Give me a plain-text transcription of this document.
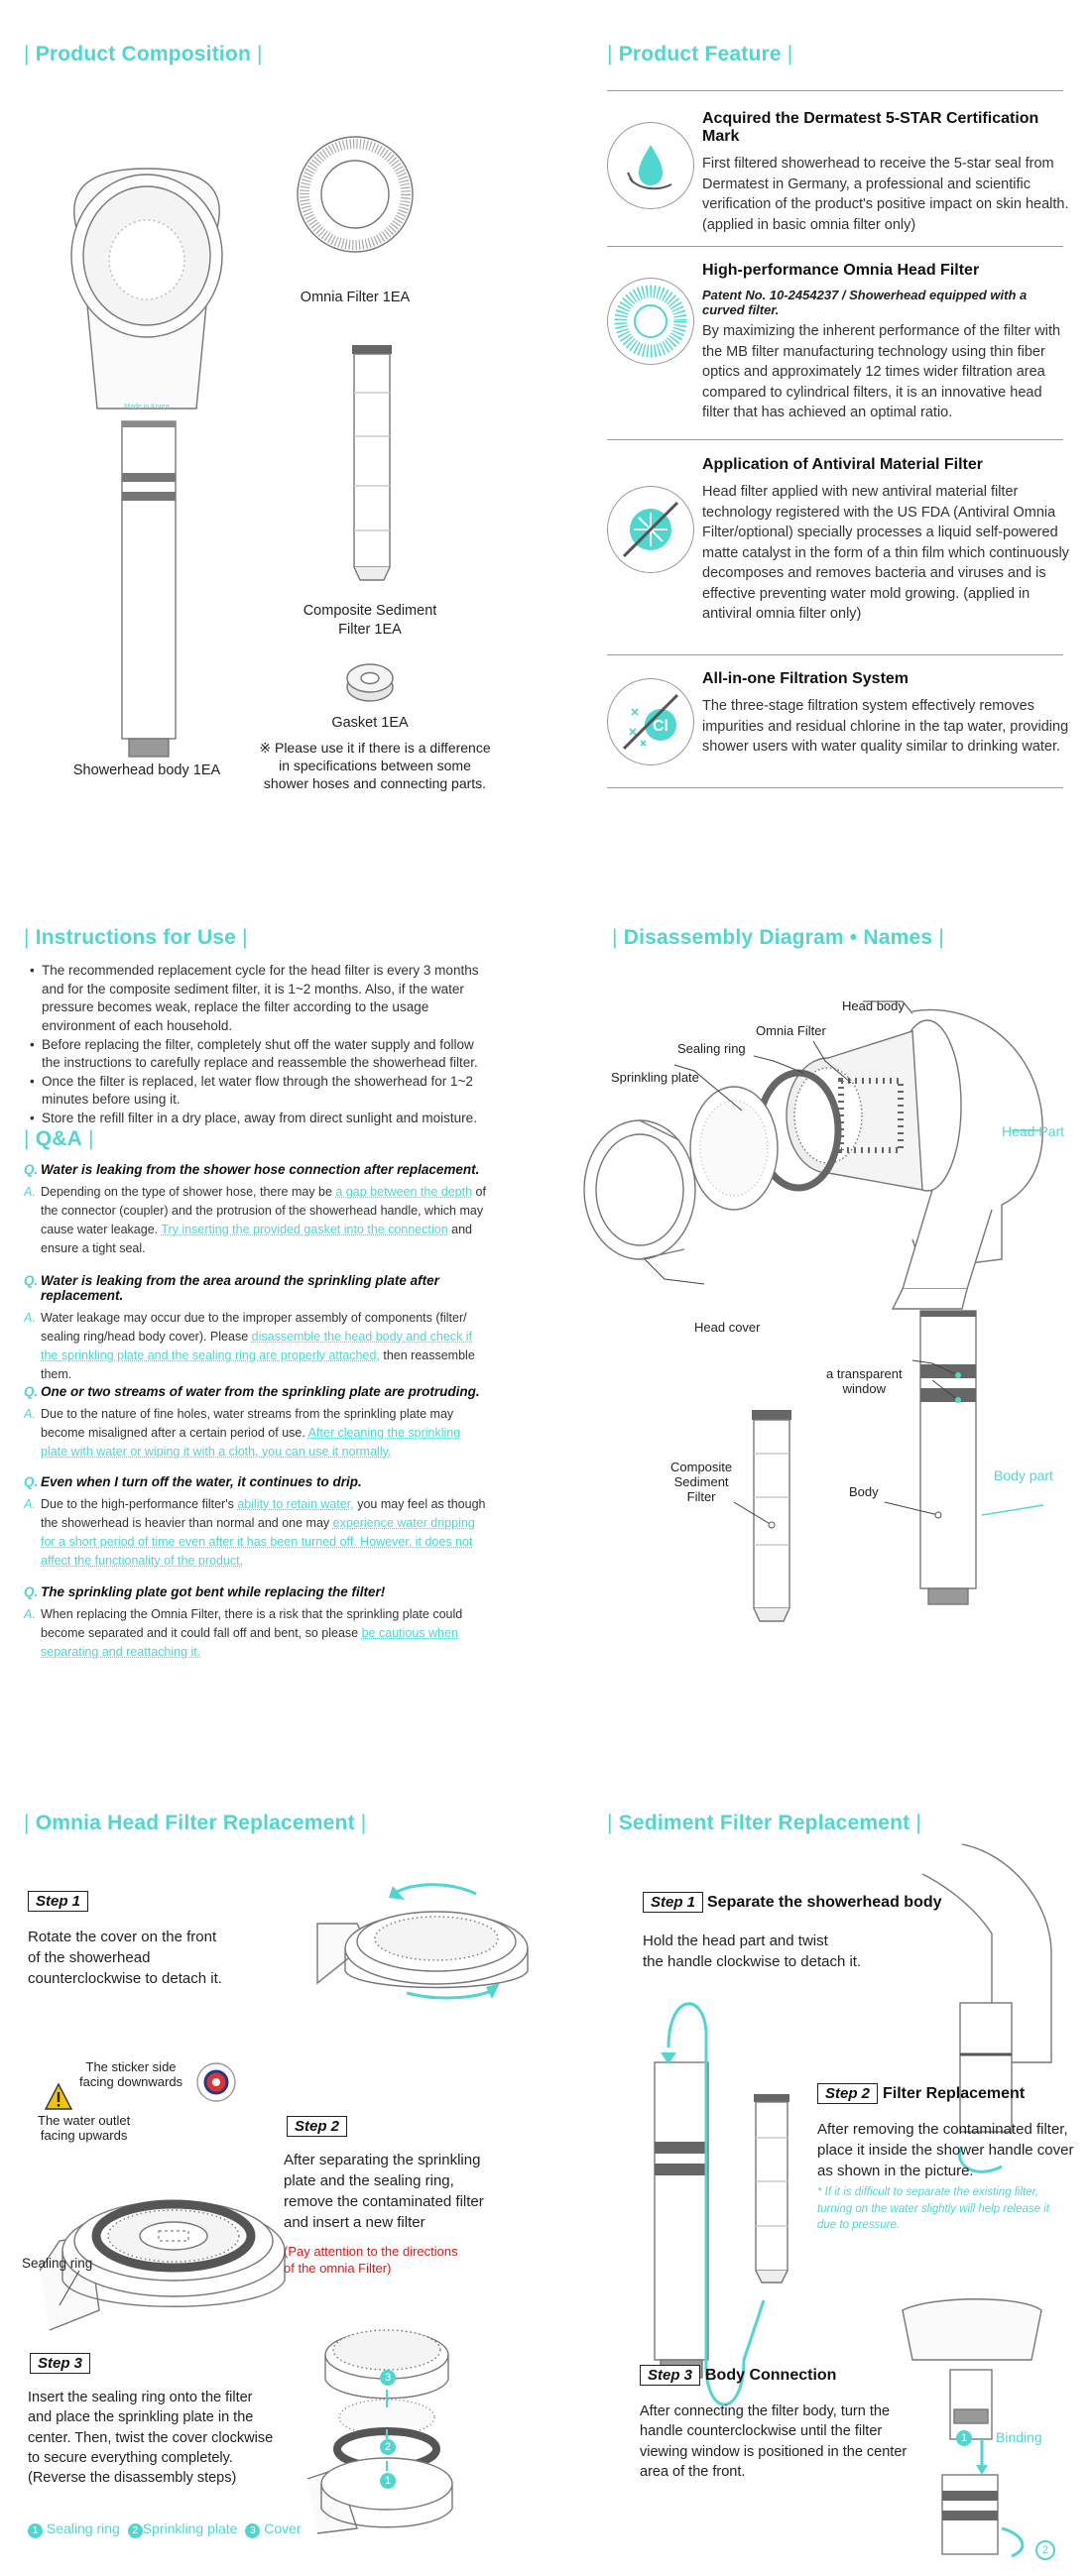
| Product Composition |	| Product Feature |
| Instructions for Use |	| Disassembly Diagram • Names |
| Q&A |
| Omnia Head Filter Replacement |	| Sediment Filter Replacement |
Made in Korea
Showerhead body 1EA
Omnia Filter 1EA
Composite Sediment
Filter 1EA
Gasket 1EA
※ Please use it if there is a difference
in specifications between some
shower hoses and connecting parts.
Cl
Acquired the Dermatest 5-STAR Certification Mark
First filtered showerhead to receive the 5-star seal from Dermatest in Germany, a professional and scientific verification of the product's positive impact on skin health. (applied in basic omnia filter only)
High-performance Omnia Head Filter
Patent No. 10-2454237 / Showerhead equipped with a curved filter.
By maximizing the inherent performance of the filter with the MB filter manufacturing technology using thin fiber optics and approximately 12 times wider filtration area compared to cylindrical filters, it is an innovative head filter that has achieved an optimal ratio.
Application of Antiviral Material Filter
Head filter applied with new antiviral material filter technology registered with the US FDA (Antiviral Omnia Filter/optional) specially processes a liquid self-powered matte catalyst in the form of a thin film which continuously decomposes and removes bacteria and viruses and is effective preventing water mold growing. (applied in antiviral omnia filter only)
All-in-one Filtration System
The three-stage filtration system effectively removes impurities and residual chlorine in the tap water, providing shower users with water quality similar to drinking water.
• The recommended replacement cycle for the head filter is every 3 months and for the composite sediment filter, it is 1~2 months. Also, if the water pressure becomes weak, replace the filter according to the usage environment of each household.
• Before replacing the filter, completely shut off the water supply and follow the instructions to carefully replace and reassemble the showerhead filter.
• Once the filter is replaced, let water flow through the showerhead for 1~2 minutes before using it.
• Store the refill filter in a dry place, away from direct sunlight and moisture.
Q. Water is leaking from the shower hose connection after replacement.
A. Depending on the type of shower hose, there may be a gap between the depth of the connector (coupler) and the protrusion of the showerhead handle, which may cause water leakage. Try inserting the provided gasket into the connection and ensure a tight seal.
Q. Water is leaking from the area around the sprinkling plate after replacement.
A. Water leakage may occur due to the improper assembly of components (filter/ sealing ring/head body cover). Please disassemble the head body and check if the sprinkling plate and the sealing ring are properly attached, then reassemble them.
Q. One or two streams of water from the sprinkling plate are protruding.
A. Due to the nature of fine holes, water streams from the sprinkling plate may become misaligned after a certain period of use. After cleaning the sprinkling plate with water or wiping it with a cloth, you can use it normally.
Q. Even when I turn off the water, it continues to drip.
A. Due to the high-performance filter's ability to retain water, you may feel as though the showerhead is heavier than normal and one may experience water dripping for a short period of time even after it has been turned off. However, it does not affect the functionality of the product.
Q. The sprinkling plate got bent while replacing the filter!
A. When replacing the Omnia Filter, there is a risk that the sprinkling plate could become separated and it could fall off and bent, so please be cautious when separating and reattaching it.
Head body
Omnia Filter
Sealing ring
Sprinkling plate
Head Part
Head cover
a transparent
window
Composite
Sediment
Filter	Body
Body part
Step 1
Rotate the cover on the front
of the showerhead
counterclockwise to detach it.
The sticker side
facing downwards
The water outlet
facing upwards
Sealing ring
Step 2
After separating the sprinkling
plate and the sealing ring,
remove the contaminated filter
and insert a new filter
(Pay attention to the directions
of the omnia Filter)
Step 3
Insert the sealing ring onto the filter
and place the sprinkling plate in the
center. Then, twist the cover clockwise
to secure everything completely.
(Reverse the disassembly steps)
3
2
1
1 Sealing ring 2 Sprinkling plate 3 Cover
Step 1 Separate the showerhead body
Hold the head part and twist
the handle clockwise to detach it.
Step 2 Filter Replacement
After removing the contaminated filter,
place it inside the shower handle cover
as shown in the picture.
* If it is difficult to separate the existing filter,
turning on the water slightly will help release it
due to pressure.
Step 3 Body Connection
After connecting the filter body, turn the
handle counterclockwise until the filter
viewing window is positioned in the center
area of the front.
1	Binding
2
